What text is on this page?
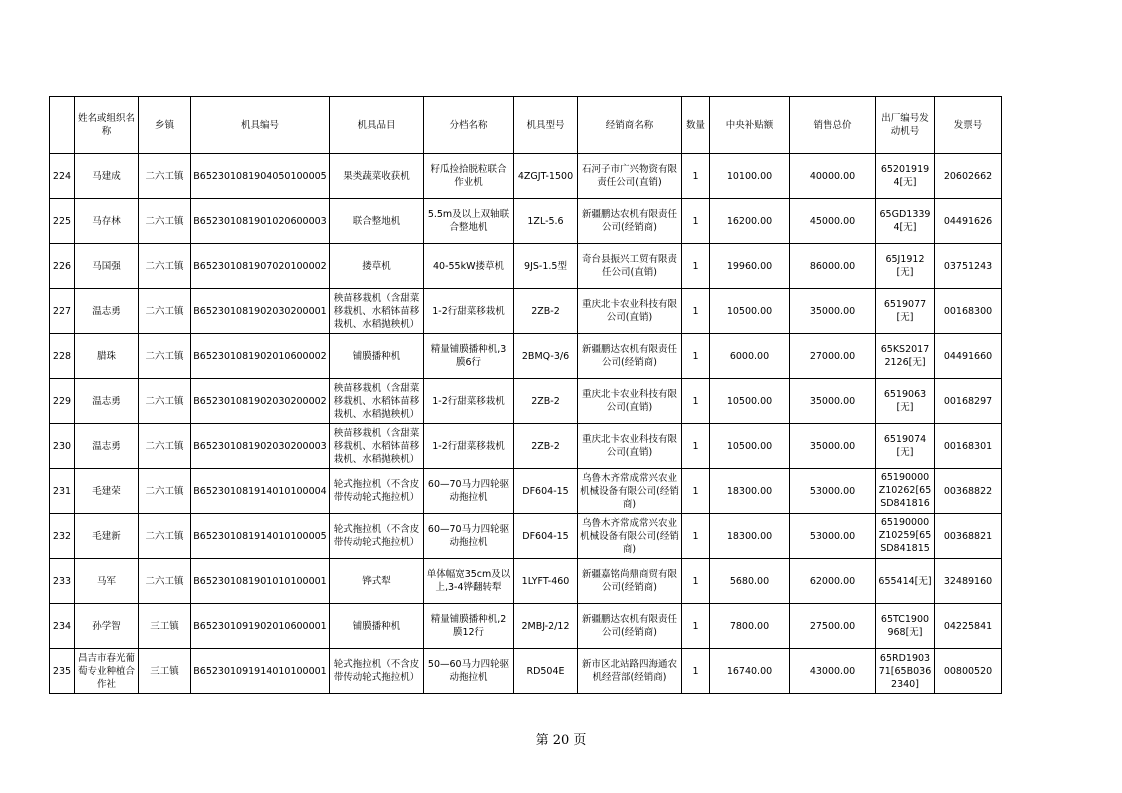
	姓名或组织名称	乡镇	机具编号	机具品目	分档名称	机具型号	经销商名称	数量	中央补贴额	销售总价	出厂编号发动机号	发票号

224	马建成	二六工镇	B652301081904050100005	果类蔬菜收获机	籽瓜捡拾脱粒联合作业机	4ZGJT-1500	石河子市广兴物资有限责任公司(直销)	1	10100.00	40000.00	652019194[无]	20602662

225	马存林	二六工镇	B652301081901020600003	联合整地机	5.5m及以上双轴联合整地机	1ZL-5.6	新疆鹏达农机有限责任公司(经销商)	1	16200.00	45000.00	65GD13394[无]	04491626

226	马国强	二六工镇	B652301081907020100002	搂草机	40-55kW搂草机	9JS-1.5型	奇台县振兴工贸有限责任公司(直销)	1	19960.00	86000.00	65J1912[无]	03751243

227	温志勇	二六工镇	B652301081902030200001	秧苗移栽机（含甜菜移栽机、水稻钵苗移栽机、水稻抛秧机）	1-2行甜菜移栽机	2ZB-2	重庆北卡农业科技有限公司(直销)	1	10500.00	35000.00	6519077[无]	00168300

228	腊珠	二六工镇	B652301081902010600002	铺膜播种机	精量铺膜播种机,3膜6行	2BMQ-3/6	新疆鹏达农机有限责任公司(经销商)	1	6000.00	27000.00	65KS20172126[无]	04491660

229	温志勇	二六工镇	B652301081902030200002	秧苗移栽机（含甜菜移栽机、水稻钵苗移栽机、水稻抛秧机）	1-2行甜菜移栽机	2ZB-2	重庆北卡农业科技有限公司(直销)	1	10500.00	35000.00	6519063[无]	00168297

230	温志勇	二六工镇	B652301081902030200003	秧苗移栽机（含甜菜移栽机、水稻钵苗移栽机、水稻抛秧机）	1-2行甜菜移栽机	2ZB-2	重庆北卡农业科技有限公司(直销)	1	10500.00	35000.00	6519074[无]	00168301

231	毛建荣	二六工镇	B652301081914010100004	轮式拖拉机（不含皮带传动轮式拖拉机）	60—70马力四轮驱动拖拉机	DF604-15	乌鲁木齐常成常兴农业机械设备有限公司(经销商)	1	18300.00	53000.00	65190000Z10262[65SD841816	00368822

232	毛建新	二六工镇	B652301081914010100005	轮式拖拉机（不含皮带传动轮式拖拉机）	60—70马力四轮驱动拖拉机	DF604-15	乌鲁木齐常成常兴农业机械设备有限公司(经销商)	1	18300.00	53000.00	65190000Z10259[65SD841815	00368821

233	马军	二六工镇	B652301081901010100001	铧式犁	单体幅宽35cm及以上,3-4铧翻转犁	1LYFT-460	新疆嘉铭尚鼎商贸有限公司(经销商)	1	5680.00	62000.00	655414[无]	32489160

234	孙学智	三工镇	B652301091902010600001	铺膜播种机	精量铺膜播种机,2膜12行	2MBJ-2/12	新疆鹏达农机有限责任公司(经销商)	1	7800.00	27500.00	65TC1900968[无]	04225841

235	昌吉市春光葡萄专业种植合作社	三工镇	B652301091914010100001	轮式拖拉机（不含皮带传动轮式拖拉机）	50—60马力四轮驱动拖拉机	RD504E	新市区北站路四海通农机经营部(经销商)	1	16740.00	43000.00	65RD190371[65B0362340]	00800520
第 20 页
